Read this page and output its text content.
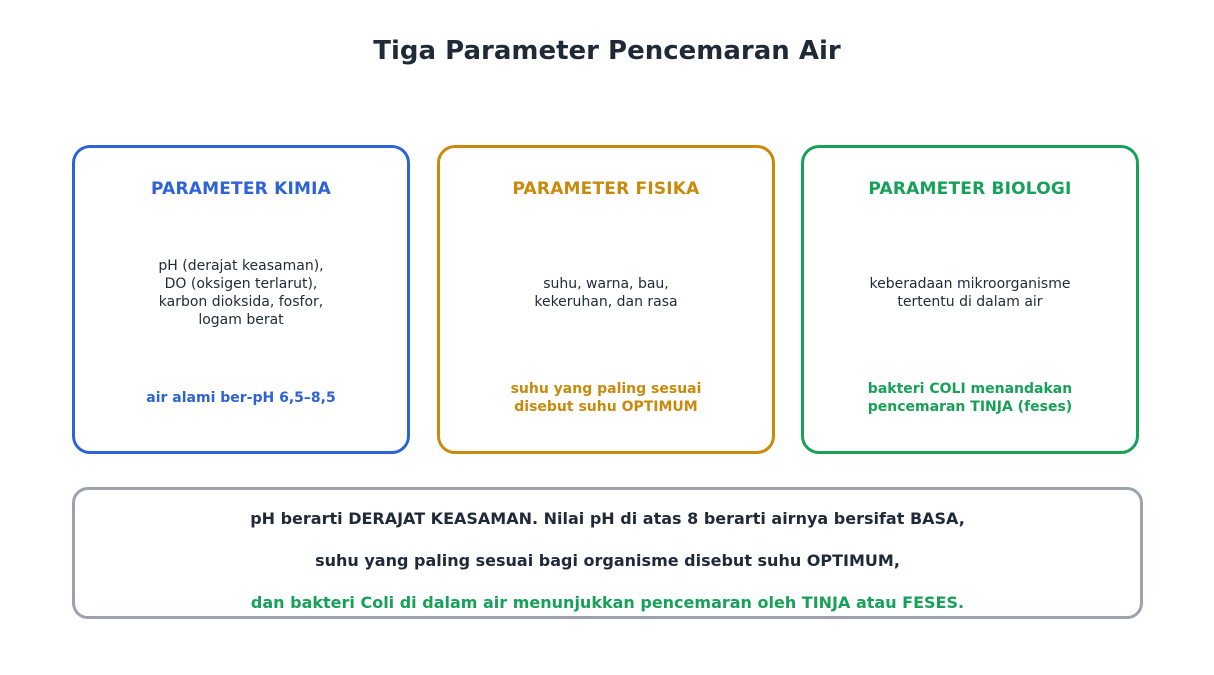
Tiga Parameter Pencemaran Air
PARAMETER KIMIA
pH (derajat keasaman),
DO (oksigen terlarut),
karbon dioksida, fosfor,
logam berat
air alami ber-pH 6,5–8,5
PARAMETER FISIKA
suhu, warna, bau,
kekeruhan, dan rasa
suhu yang paling sesuai
disebut suhu OPTIMUM
PARAMETER BIOLOGI
keberadaan mikroorganisme
tertentu di dalam air
bakteri COLI menandakan
pencemaran TINJA (feses)
pH berarti DERAJAT KEASAMAN. Nilai pH di atas 8 berarti airnya bersifat BASA,
suhu yang paling sesuai bagi organisme disebut suhu OPTIMUM,
dan bakteri Coli di dalam air menunjukkan pencemaran oleh TINJA atau FESES.
